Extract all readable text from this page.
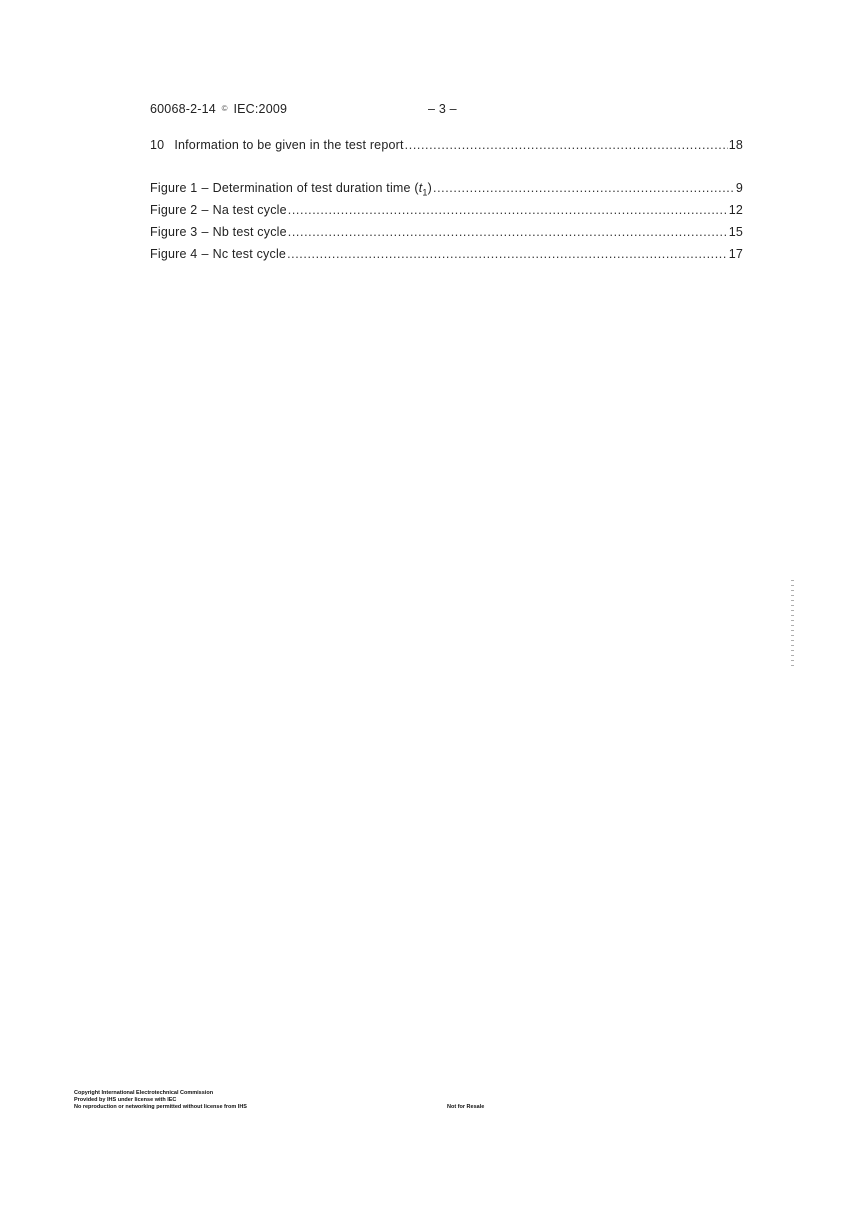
60068-2-14 © IEC:2009	– 3 –
10 Information to be given in the test report .....	18
Figure 1 – Determination of test duration time $(t_1)$ .....	9
Figure 2 – Na test cycle .....	12
Figure 3 – Nb test cycle .....	15
Figure 4 – Nc test cycle .....	17
Copyright International Electrotechnical Commission
Provided by IHS under license with IEC
No reproduction or networking permitted without license from IHS	Not for Resale
